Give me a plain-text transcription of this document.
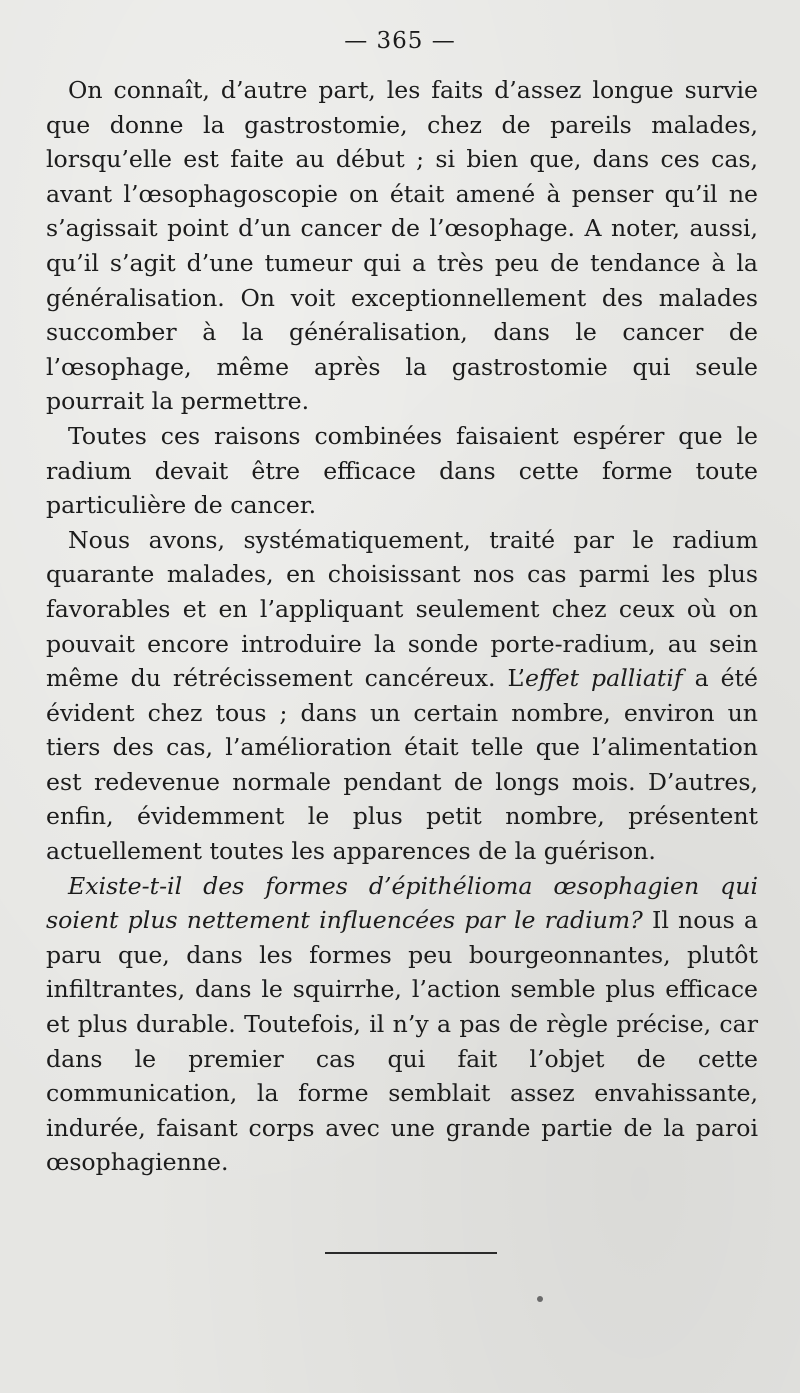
— 365 —

On connaît, d’autre part, les faits d’assez longue survie que donne la gastrostomie, chez de pareils malades, lorsqu’elle est faite au début ; si bien que, dans ces cas, avant l’œsophagoscopie on était amené à penser qu’il ne s’agissait point d’un cancer de l’œsophage. A noter, aussi, qu’il s’agit d’une tumeur qui a très peu de tendance à la généralisation. On voit exceptionnellement des malades succomber à la généralisation, dans le cancer de l’œsophage, même après la gastrostomie qui seule pourrait la permettre.

Toutes ces raisons combinées faisaient espérer que le radium devait être efficace dans cette forme toute particulière de cancer.

Nous avons, systématiquement, traité par le radium quarante malades, en choisissant nos cas parmi les plus favorables et en l’appliquant seulement chez ceux où on pouvait encore introduire la sonde porte-radium, au sein même du rétrécissement cancéreux. L’effet palliatif a été évident chez tous ; dans un certain nombre, environ un tiers des cas, l’amélioration était telle que l’alimentation est redevenue normale pendant de longs mois. D’autres, enfin, évidemment le plus petit nombre, présentent actuellement toutes les apparences de la guérison.

Existe-t-il des formes d’épithélioma œsophagien qui soient plus nettement influencées par le radium? Il nous a paru que, dans les formes peu bourgeonnantes, plutôt infiltrantes, dans le squirrhe, l’action semble plus efficace et plus durable. Toutefois, il n’y a pas de règle précise, car dans le premier cas qui fait l’objet de cette communication, la forme semblait assez envahissante, indurée, faisant corps avec une grande partie de la paroi œsophagienne.
